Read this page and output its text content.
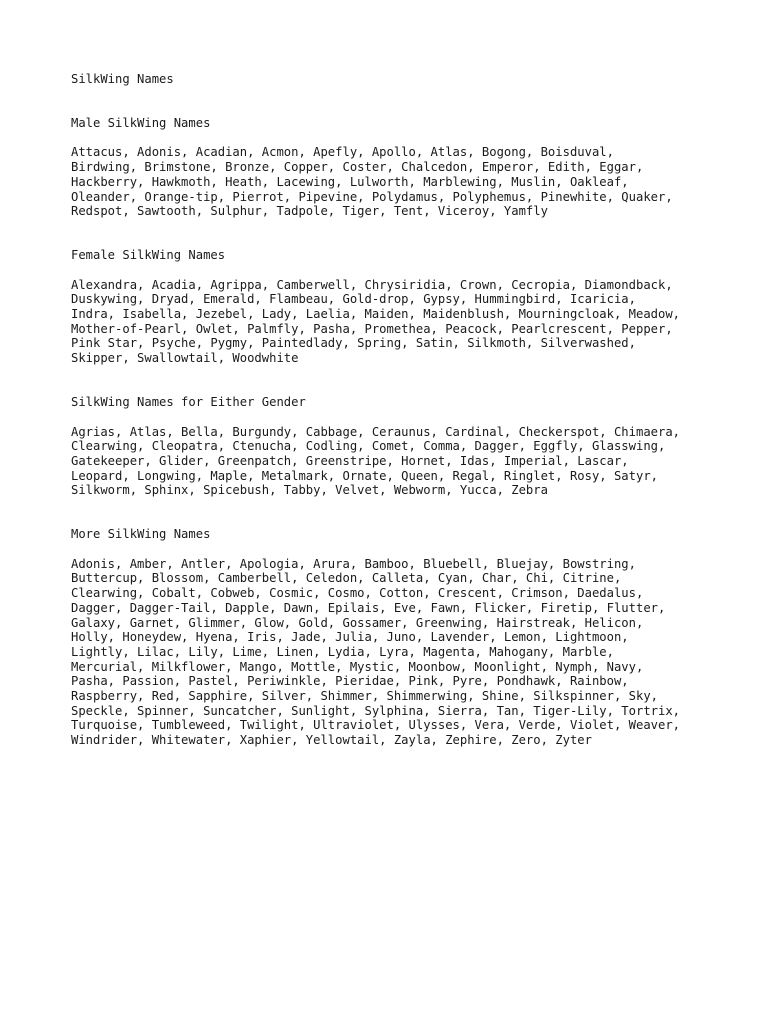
SilkWing Names

Male SilkWing Names

Attacus, Adonis, Acadian, Acmon, Apefly, Apollo, Atlas, Bogong, Boisduval,
Birdwing, Brimstone, Bronze, Copper, Coster, Chalcedon, Emperor, Edith, Eggar,
Hackberry, Hawkmoth, Heath, Lacewing, Lulworth, Marblewing, Muslin, Oakleaf,
Oleander, Orange-tip, Pierrot, Pipevine, Polydamus, Polyphemus, Pinewhite, Quaker,
Redspot, Sawtooth, Sulphur, Tadpole, Tiger, Tent, Viceroy, Yamfly

Female SilkWing Names

Alexandra, Acadia, Agrippa, Camberwell, Chrysiridia, Crown, Cecropia, Diamondback,
Duskywing, Dryad, Emerald, Flambeau, Gold-drop, Gypsy, Hummingbird, Icaricia,
Indra, Isabella, Jezebel, Lady, Laelia, Maiden, Maidenblush, Mourningcloak, Meadow,
Mother-of-Pearl, Owlet, Palmfly, Pasha, Promethea, Peacock, Pearlcrescent, Pepper,
Pink Star, Psyche, Pygmy, Paintedlady, Spring, Satin, Silkmoth, Silverwashed,
Skipper, Swallowtail, Woodwhite

SilkWing Names for Either Gender

Agrias, Atlas, Bella, Burgundy, Cabbage, Ceraunus, Cardinal, Checkerspot, Chimaera,
Clearwing, Cleopatra, Ctenucha, Codling, Comet, Comma, Dagger, Eggfly, Glasswing,
Gatekeeper, Glider, Greenpatch, Greenstripe, Hornet, Idas, Imperial, Lascar,
Leopard, Longwing, Maple, Metalmark, Ornate, Queen, Regal, Ringlet, Rosy, Satyr,
Silkworm, Sphinx, Spicebush, Tabby, Velvet, Webworm, Yucca, Zebra

More SilkWing Names

Adonis, Amber, Antler, Apologia, Arura, Bamboo, Bluebell, Bluejay, Bowstring,
Buttercup, Blossom, Camberbell, Celedon, Calleta, Cyan, Char, Chi, Citrine,
Clearwing, Cobalt, Cobweb, Cosmic, Cosmo, Cotton, Crescent, Crimson, Daedalus,
Dagger, Dagger-Tail, Dapple, Dawn, Epilais, Eve, Fawn, Flicker, Firetip, Flutter,
Galaxy, Garnet, Glimmer, Glow, Gold, Gossamer, Greenwing, Hairstreak, Helicon,
Holly, Honeydew, Hyena, Iris, Jade, Julia, Juno, Lavender, Lemon, Lightmoon,
Lightly, Lilac, Lily, Lime, Linen, Lydia, Lyra, Magenta, Mahogany, Marble,
Mercurial, Milkflower, Mango, Mottle, Mystic, Moonbow, Moonlight, Nymph, Navy,
Pasha, Passion, Pastel, Periwinkle, Pieridae, Pink, Pyre, Pondhawk, Rainbow,
Raspberry, Red, Sapphire, Silver, Shimmer, Shimmerwing, Shine, Silkspinner, Sky,
Speckle, Spinner, Suncatcher, Sunlight, Sylphina, Sierra, Tan, Tiger-Lily, Tortrix,
Turquoise, Tumbleweed, Twilight, Ultraviolet, Ulysses, Vera, Verde, Violet, Weaver,
Windrider, Whitewater, Xaphier, Yellowtail, Zayla, Zephire, Zero, Zyter
